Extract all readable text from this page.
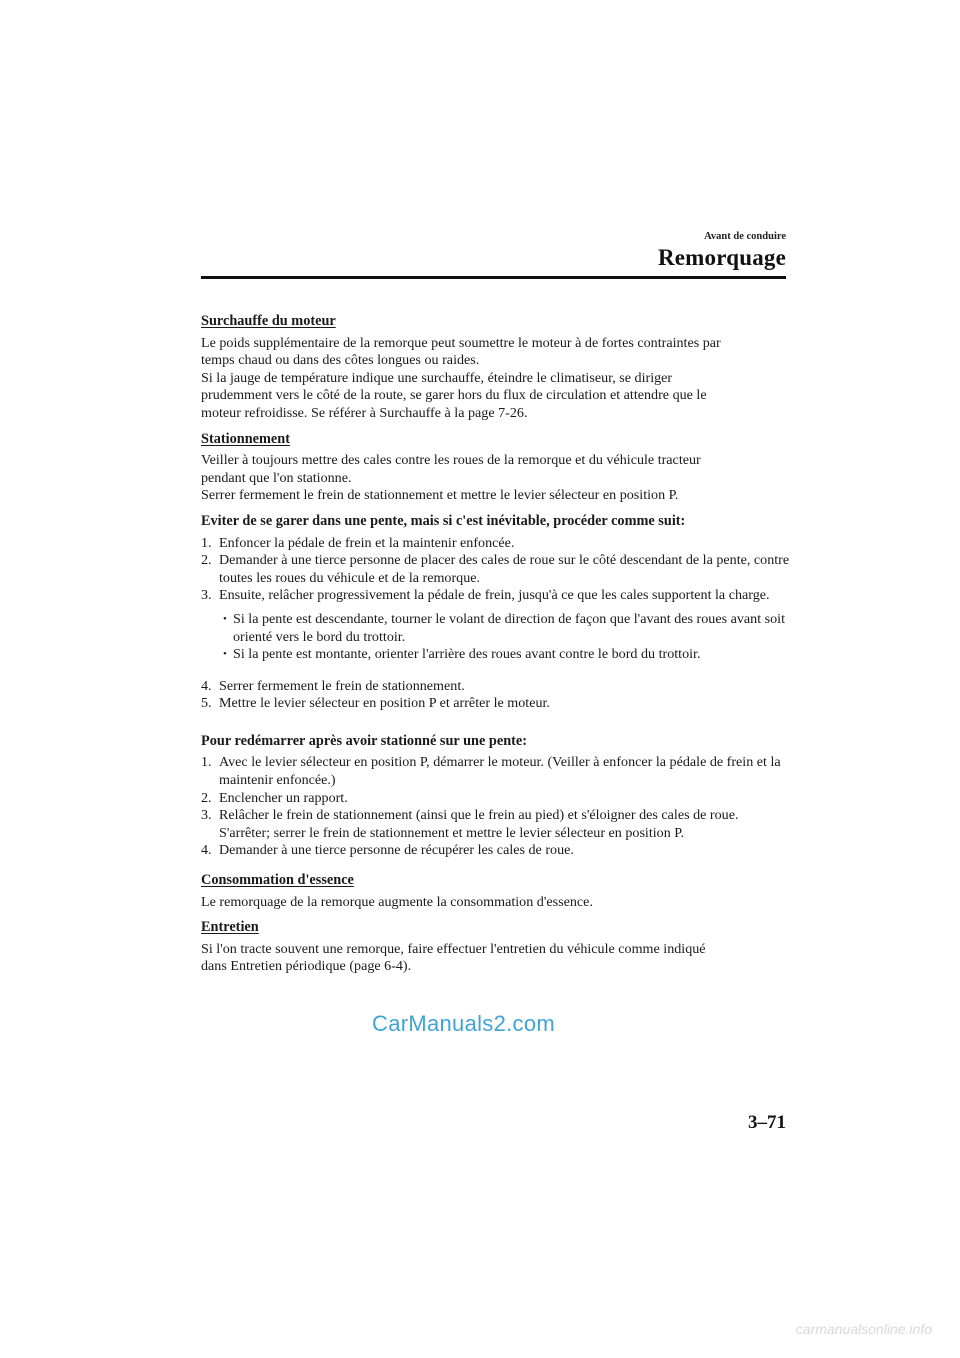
Avant de conduire
Remorquage
Surchauffe du moteur
Le poids supplémentaire de la remorque peut soumettre le moteur à de fortes contraintes par
temps chaud ou dans des côtes longues ou raides.
Si la jauge de température indique une surchauffe, éteindre le climatiseur, se diriger
prudemment vers le côté de la route, se garer hors du flux de circulation et attendre que le
moteur refroidisse. Se référer à Surchauffe à la page 7-26.
Stationnement
Veiller à toujours mettre des cales contre les roues de la remorque et du véhicule tracteur
pendant que l'on stationne.
Serrer fermement le frein de stationnement et mettre le levier sélecteur en position P.
Eviter de se garer dans une pente, mais si c'est inévitable, procéder comme suit:
1. Enfoncer la pédale de frein et la maintenir enfoncée.
2. Demander à une tierce personne de placer des cales de roue sur le côté descendant de la pente, contre toutes les roues du véhicule et de la remorque.
3. Ensuite, relâcher progressivement la pédale de frein, jusqu'à ce que les cales supportent la charge.
• Si la pente est descendante, tourner le volant de direction de façon que l'avant des roues avant soit orienté vers le bord du trottoir.
• Si la pente est montante, orienter l'arrière des roues avant contre le bord du trottoir.
4. Serrer fermement le frein de stationnement.
5. Mettre le levier sélecteur en position P et arrêter le moteur.
Pour redémarrer après avoir stationné sur une pente:
1. Avec le levier sélecteur en position P, démarrer le moteur. (Veiller à enfoncer la pédale de frein et la maintenir enfoncée.)
2. Enclencher un rapport.
3. Relâcher le frein de stationnement (ainsi que le frein au pied) et s'éloigner des cales de roue. S'arrêter; serrer le frein de stationnement et mettre le levier sélecteur en position P.
4. Demander à une tierce personne de récupérer les cales de roue.
Consommation d'essence
Le remorquage de la remorque augmente la consommation d'essence.
Entretien
Si l'on tracte souvent une remorque, faire effectuer l'entretien du véhicule comme indiqué
dans Entretien périodique (page 6-4).
CarManuals2.com
3–71
carmanualsonline.info
